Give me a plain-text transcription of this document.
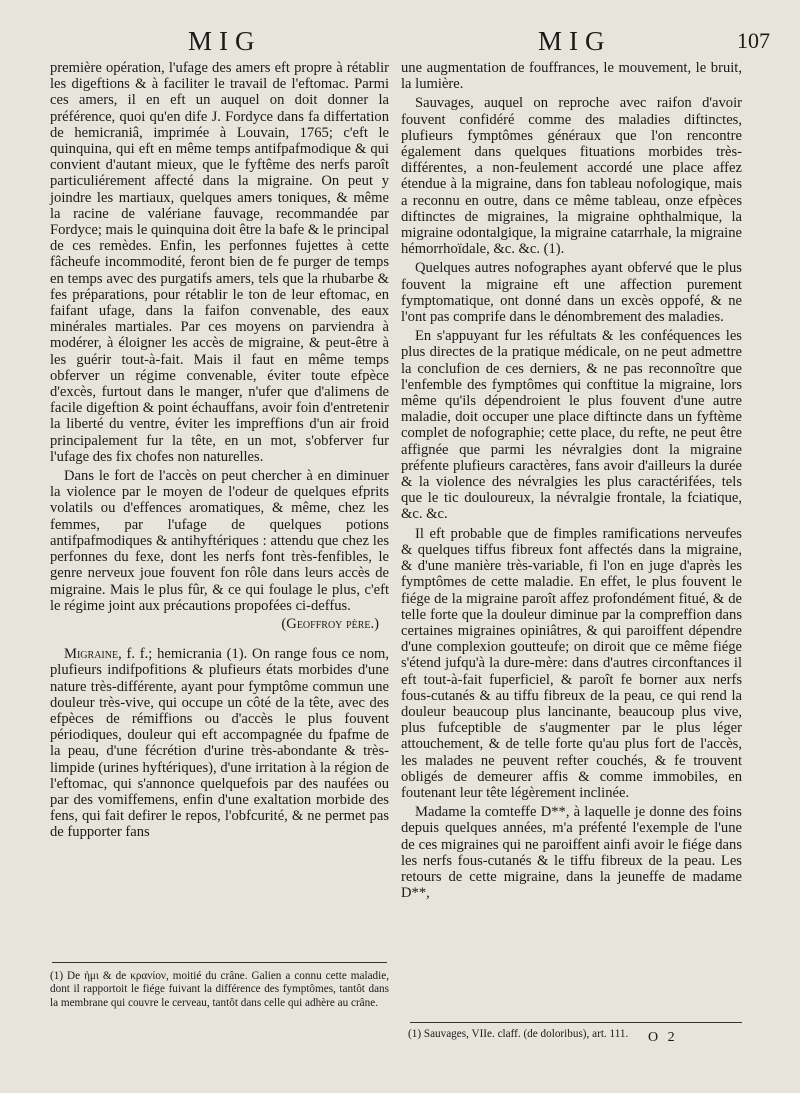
MIG	MIG	107

première opération, l'ufage des amers eft propre à rétablir les digeftions & à faciliter le travail de l'eftomac. Parmi ces amers, il en eft un auquel on doit donner la préférence, quoi qu'en dife J. Fordyce dans fa differtation de hemicraniâ, imprimée à Louvain, 1765; c'eft le quinquina, qui eft en même temps antifpafmodique & qui convient d'autant mieux, que le fyftême des nerfs paroît particuliérement affecté dans la migraine. On peut y joindre les martiaux, quelques amers toniques, & même la racine de valériane fauvage, recommandée par Fordyce; mais le quinquina doit être la bafe & le principal de ces remèdes. Enfin, les perfonnes fujettes à cette fâcheufe incommodité, feront bien de fe purger de temps en temps avec des purgatifs amers, tels que la rhubarbe & fes préparations, pour rétablir le ton de leur eftomac, en faifant ufage, dans la faifon convenable, des eaux minérales martiales. Par ces moyens on parviendra à modérer, à éloigner les accès de migraine, & peut-être à les guérir tout-à-fait. Mais il faut en même temps obferver un régime convenable, éviter toute efpèce d'excès, furtout dans le manger, n'ufer que d'alimens de facile digeftion & point échauffans, avoir foin d'entretenir la liberté du ventre, éviter les impreffions d'un air froid principalement fur la tête, en un mot, s'obferver fur l'ufage des fix chofes non naturelles.

Dans le fort de l'accès on peut chercher à en diminuer la violence par le moyen de l'odeur de quelques efprits volatils ou d'effences aromatiques, & même, chez les femmes, par l'ufage de quelques potions antifpafmodiques & antihyftériques : attendu que chez les perfonnes du fexe, dont les nerfs font très-fenfibles, le genre nerveux joue fouvent fon rôle dans leurs accès de migraine. Mais le plus fûr, & ce qui foulage le plus, c'eft le régime joint aux précautions propofées ci-deffus.

(Geoffroy père.)

Migraine, f. f.; hemicrania (1). On range fous ce nom, plufieurs indifpofitions & plufieurs états morbides d'une nature très-différente, ayant pour fymptôme commun une douleur très-vive, qui occupe un côté de la tête, avec des efpèces de rémiffions ou d'accès le plus fouvent périodiques, douleur qui eft accompagnée du fpafme de la peau, d'une fécrétion d'urine très-abondante & très-limpide (urines hyftériques), d'une irritation à la région de l'eftomac, qui s'annonce quelquefois par des naufées ou par des vomiffemens, enfin d'une exaltation morbide des fens, qui fait defirer le repos, l'obfcurité, & ne permet pas de fupporter fans

une augmentation de fouffrances, le mouvement, le bruit, la lumière.

Sauvages, auquel on reproche avec raifon d'avoir fouvent confidéré comme des maladies diftinctes, plufieurs fymptômes généraux que l'on rencontre également dans quelques fituations morbides très-différentes, a non-feulement accordé une place affez étendue à la migraine, dans fon tableau nofologique, mais a reconnu en outre, dans ce même tableau, onze efpèces diftinctes de migraines, la migraine ophthalmique, la migraine odontalgique, la migraine catarrhale, la migraine hémorrhoïdale, &c. &c. (1).

Quelques autres nofographes ayant obfervé que le plus fouvent la migraine eft une affection purement fymptomatique, ont donné dans un excès oppofé, & ne l'ont pas comprife dans le dénombrement des maladies.

En s'appuyant fur les réfultats & les conféquences les plus directes de la pratique médicale, on ne peut admettre la conclufion de ces derniers, & ne pas reconnoître que l'enfemble des fymptômes qui conftitue la migraine, lors même qu'ils dépendroient le plus fouvent d'une autre maladie, doit occuper une place diftincte dans un fyftème complet de nofographie; cette place, du refte, ne peut être affignée que parmi les névralgies dont la migraine préfente plufieurs caractères, fans avoir d'ailleurs la durée & la violence des névralgies les plus caractérifées, tels que le tic douloureux, la névralgie frontale, la fciatique, &c. &c.

Il eft probable que de fimples ramifications nerveufes & quelques tiffus fibreux font affectés dans la migraine, & d'une manière très-variable, fi l'on en juge d'après les fymptômes de cette maladie. En effet, le plus fouvent le fiége de la migraine paroît affez profondément fitué, & de telle forte que la douleur diminue par la compreffion dans certaines migraines opiniâtres, & qui paroiffent dépendre d'une complexion goutteufe; on diroit que ce même fiége s'étend jufqu'à la dure-mère: dans d'autres circonftances il eft tout-à-fait fuperficiel, & paroît fe borner aux nerfs fous-cutanés & au tiffu fibreux de la peau, ce qui rend la douleur beaucoup plus lancinante, beaucoup plus vive, plus fufceptible de s'augmenter par le plus léger attouchement, & de telle forte qu'au plus fort de l'accès, les malades ne peuvent refter couchés, & fe trouvent obligés de demeurer affis & comme immobiles, en foutenant leur tête légèrement inclinée.

Madame la comteffe D**, à laquelle je donne des foins depuis quelques années, m'a préfenté l'exemple de l'une de ces migraines qui ne paroiffent ainfi avoir le fiége dans les nerfs fous-cutanés & le tiffu fibreux de la peau. Les retours de cette migraine, dans la jeuneffe de madame D**,

(1) De ἡμι & de κρανίον, moitié du crâne. Galien a connu cette maladie, dont il rapportoit le fiége fuivant la différence des fymptômes, tantôt dans la membrane qui couvre le cerveau, tantôt dans celle qui adhère au crâne.
(1) Sauvages, VIIe. claff. (de doloribus), art. 111.	O 2
